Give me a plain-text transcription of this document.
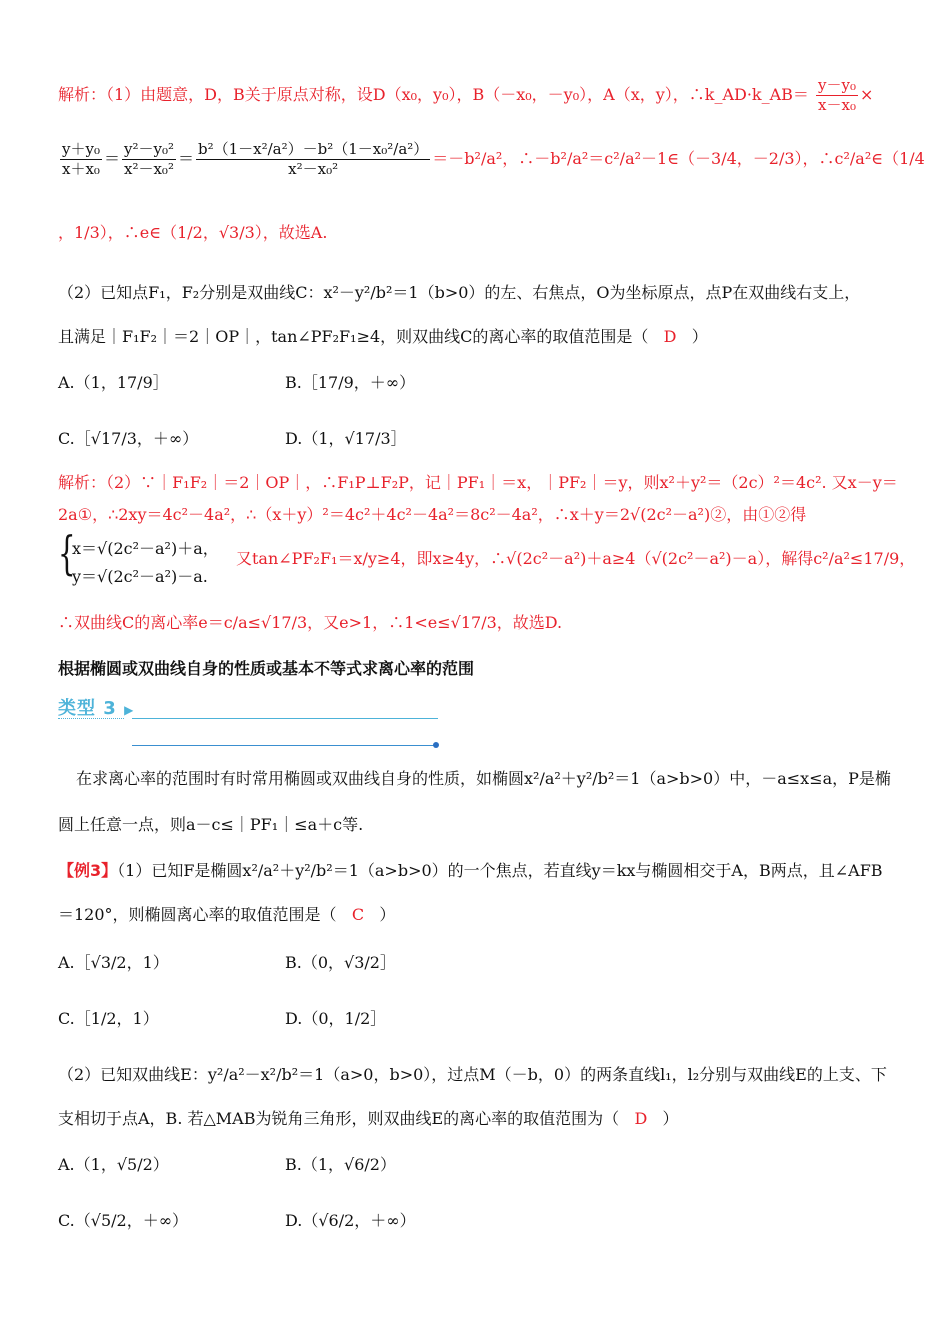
解析：（1）由题意，D，B关于原点对称，设D（x₀，y₀），B（－x₀，－y₀），A（x，y），∴k_AD·k_AB＝ $\frac{\text{y－y₀}}{\text{x－x₀}}$ ×
$\frac{\text{y＋y₀}}{\text{x＋x₀}} = \frac{\text{y²－y₀²}}{\text{x²－x₀²}} = \frac{\text{b²（1－x²/a²）－b²（1－x₀²/a²）}}{\text{x²－x₀²}} =-b^2/a^2$，∴－b²/a²＝c²/a²－1∈（－3/4，－2/3），∴c²/a²∈（1/4
，1/3），∴e∈（1/2，√3/3），故选A.
（2）已知点F₁，F₂分别是双曲线C：x²－y²/b²＝1（b>0）的左、右焦点，O为坐标原点，点P在双曲线右支上，
且满足｜F₁F₂｜＝2｜OP｜，tan∠PF₂F₁≥4，则双曲线C的离心率的取值范围是（ D ）
A.（1，17/9］	B.［17/9，＋∞）
C.［√17/3，＋∞）	D.（1，√17/3］
解析：（2）∵｜F₁F₂｜＝2｜OP｜，∴F₁P⊥F₂P，记｜PF₁｜＝x，｜PF₂｜＝y，则x²＋y²＝（2c）²＝4c². 又x－y＝
2a①，∴2xy＝4c²－4a²，∴（x＋y）²＝4c²＋4c²－4a²＝8c²－4a²，∴x＋y＝2√(2c²－a²)②，由①②得
{
x＝√(2c²－a²)＋a，
y＝√(2c²－a²)－a.
又tan∠PF₂F₁＝x/y≥4，即x≥4y，∴√(2c²－a²)＋a≥4（√(2c²－a²)－a），解得c²/a²≤17/9，
∴双曲线C的离心率e＝c/a≤√17/3，又e>1，∴1<e≤√17/3，故选D.
根据椭圆或双曲线自身的性质或基本不等式求离心率的范围
类型 3 ▶
在求离心率的范围时有时常用椭圆或双曲线自身的性质，如椭圆x²/a²＋y²/b²＝1（a>b>0）中，－a≤x≤a，P是椭
圆上任意一点，则a－c≤｜PF₁｜≤a＋c等.
【例3】（1）已知F是椭圆x²/a²＋y²/b²＝1（a>b>0）的一个焦点，若直线y＝kx与椭圆相交于A，B两点，且∠AFB
＝120°，则椭圆离心率的取值范围是（ C ）
A.［√3/2，1）	B.（0，√3/2］
C.［1/2，1）	D.（0，1/2］
（2）已知双曲线E：y²/a²－x²/b²＝1（a>0，b>0），过点M（－b，0）的两条直线l₁，l₂分别与双曲线E的上支、下
支相切于点A，B. 若△MAB为锐角三角形，则双曲线E的离心率的取值范围为（ D ）
A.（1，√5/2）	B.（1，√6/2）
C.（√5/2，＋∞）	D.（√6/2，＋∞）
